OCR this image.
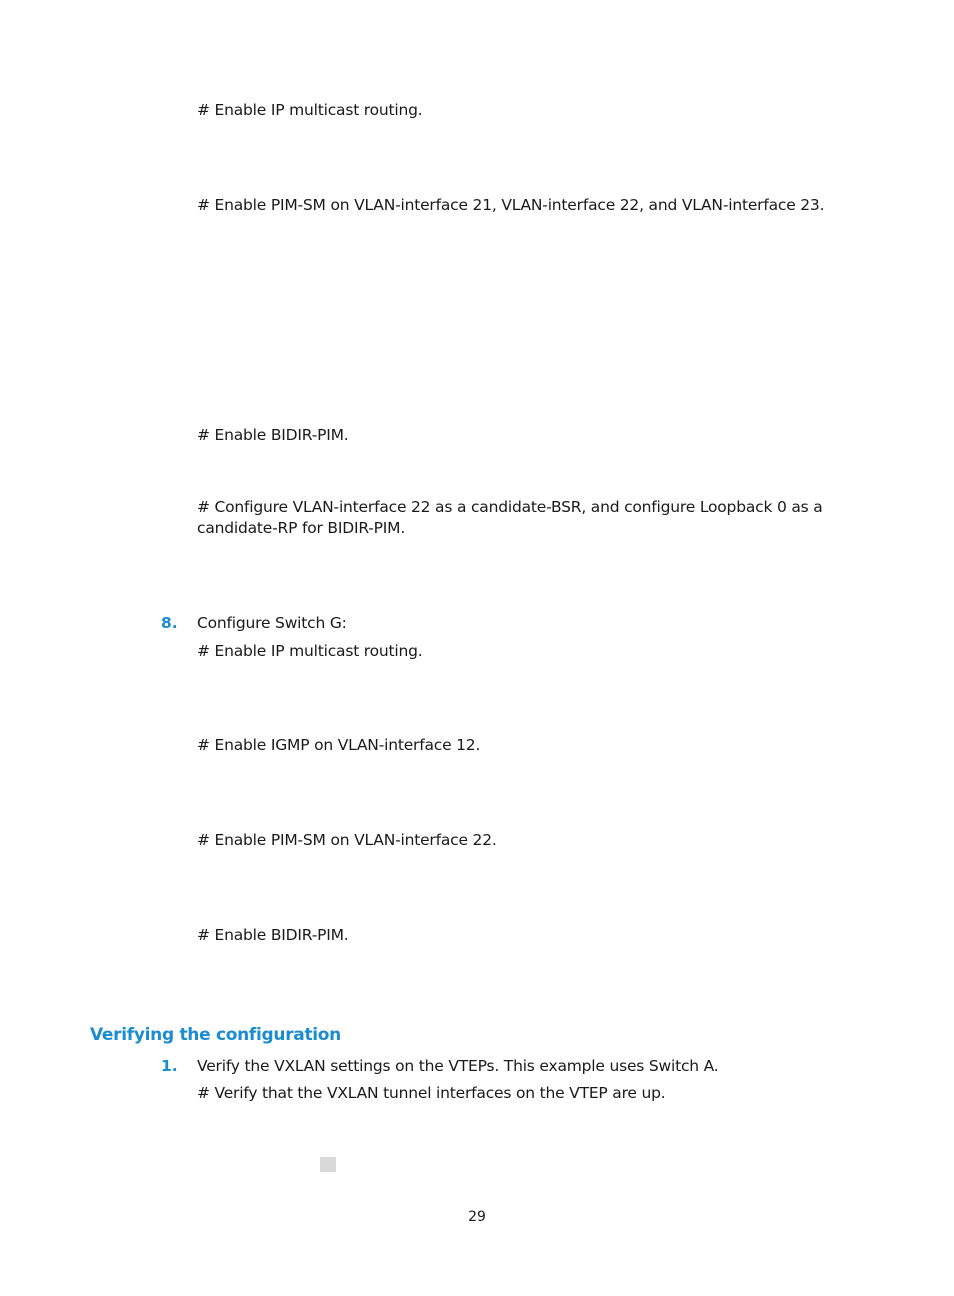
# Enable IP multicast routing.
# Enable PIM-SM on VLAN-interface 21, VLAN-interface 22, and VLAN-interface 23.
# Enable BIDIR-PIM.
# Configure VLAN-interface 22 as a candidate-BSR, and configure Loopback 0 as a candidate-RP for BIDIR-PIM.
8. Configure Switch G:
# Enable IP multicast routing.
# Enable IGMP on VLAN-interface 12.
# Enable PIM-SM on VLAN-interface 22.
# Enable BIDIR-PIM.
Verifying the configuration
1. Verify the VXLAN settings on the VTEPs. This example uses Switch A.
# Verify that the VXLAN tunnel interfaces on the VTEP are up.
29
